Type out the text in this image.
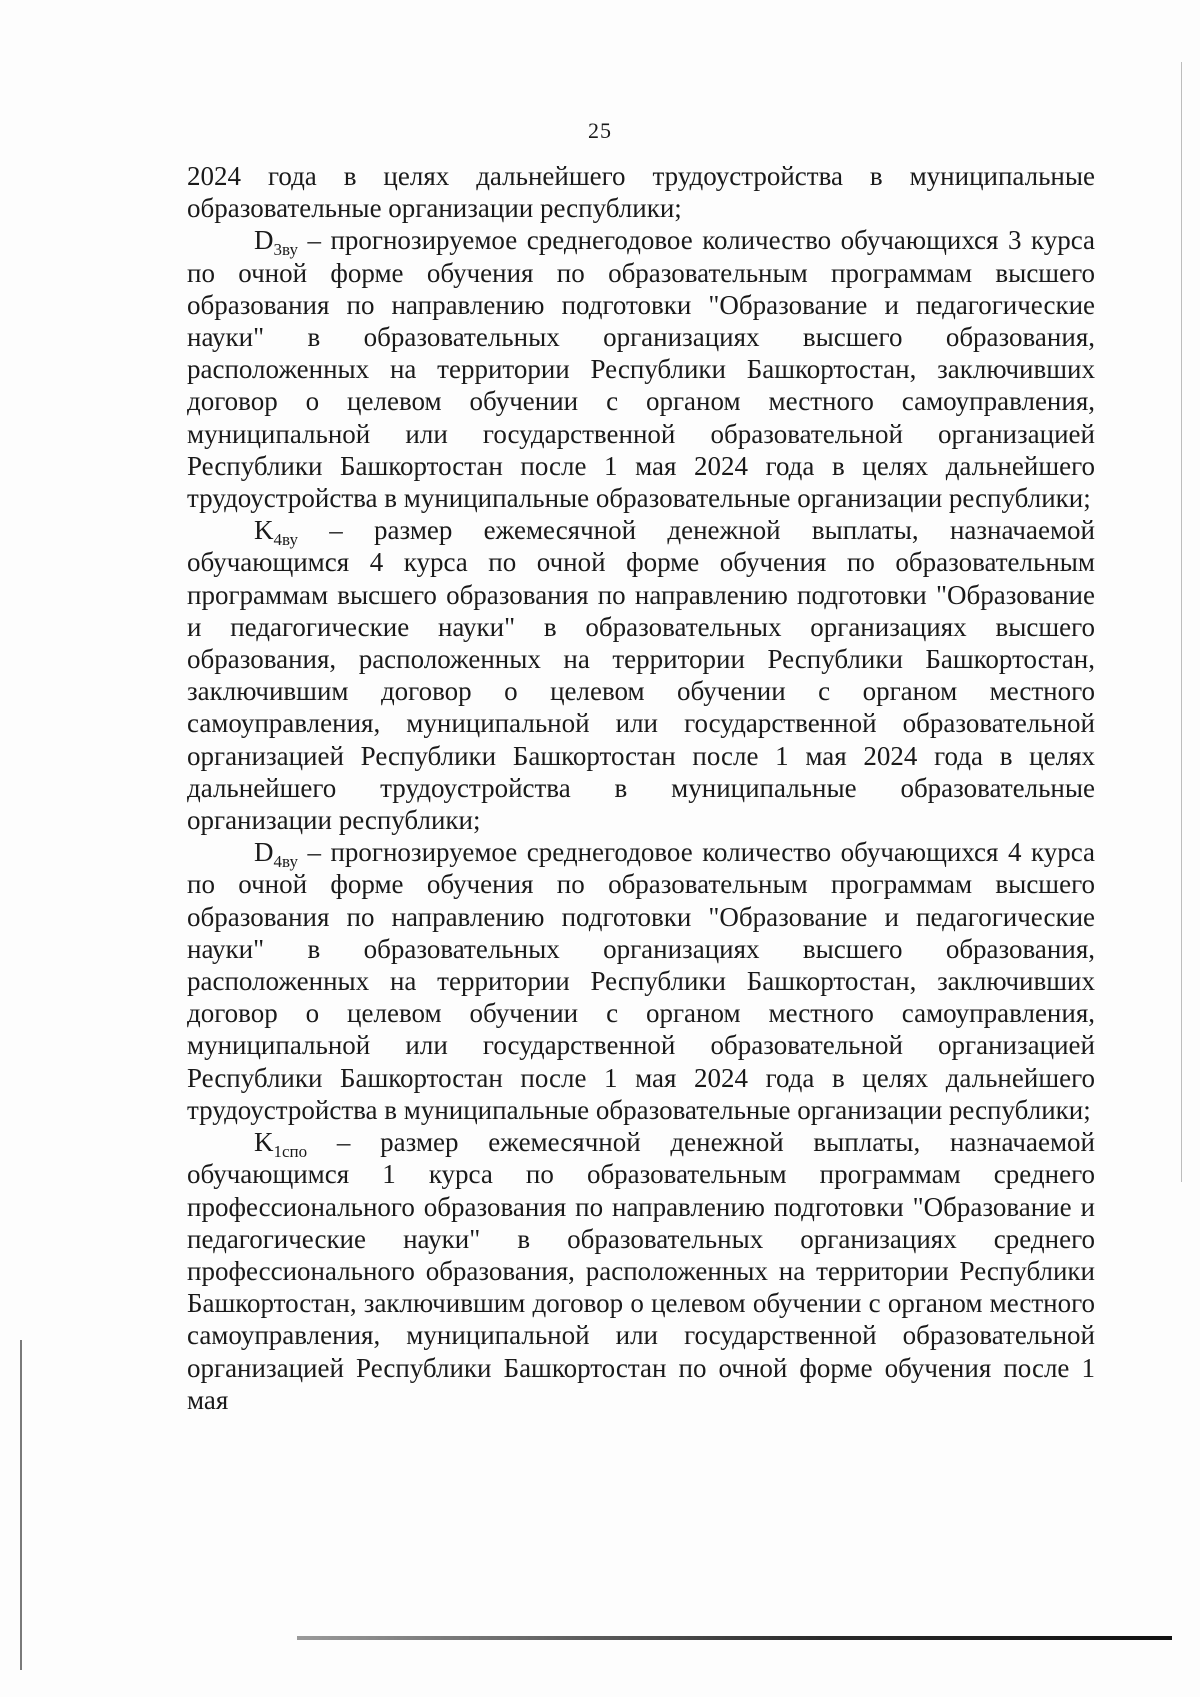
25

2024 года в целях дальнейшего трудоустройства в муниципальные образовательные организации республики;

$D_{3ву}$ – прогнозируемое среднегодовое количество обучающихся 3 курса по очной форме обучения по образовательным программам высшего образования по направлению подготовки "Образование и педагогические науки" в образовательных организациях высшего образования, расположенных на территории Республики Башкортостан, заключивших договор о целевом обучении с органом местного самоуправления, муниципальной или государственной образовательной организацией Республики Башкортостан после 1 мая 2024 года в целях дальнейшего трудоустройства в муниципальные образовательные организации республики;

$K_{4ву}$ – размер ежемесячной денежной выплаты, назначаемой обучающимся 4 курса по очной форме обучения по образовательным программам высшего образования по направлению подготовки "Образование и педагогические науки" в образовательных организациях высшего образования, расположенных на территории Республики Башкортостан, заключившим договор о целевом обучении с органом местного самоуправления, муниципальной или государственной образовательной организацией Республики Башкортостан после 1 мая 2024 года в целях дальнейшего трудоустройства в муниципальные образовательные организации республики;

$D_{4ву}$ – прогнозируемое среднегодовое количество обучающихся 4 курса по очной форме обучения по образовательным программам высшего образования по направлению подготовки "Образование и педагогические науки" в образовательных организациях высшего образования, расположенных на территории Республики Башкортостан, заключивших договор о целевом обучении с органом местного самоуправления, муниципальной или государственной образовательной организацией Республики Башкортостан после 1 мая 2024 года в целях дальнейшего трудоустройства в муниципальные образовательные организации республики;

$K_{1спо}$ – размер ежемесячной денежной выплаты, назначаемой обучающимся 1 курса по образовательным программам среднего профессионального образования по направлению подготовки "Образование и педагогические науки" в образовательных организациях среднего профессионального образования, расположенных на территории Республики Башкортостан, заключившим договор о целевом обучении с органом местного самоуправления, муниципальной или государственной образовательной организацией Республики Башкортостан по очной форме обучения после 1 мая
